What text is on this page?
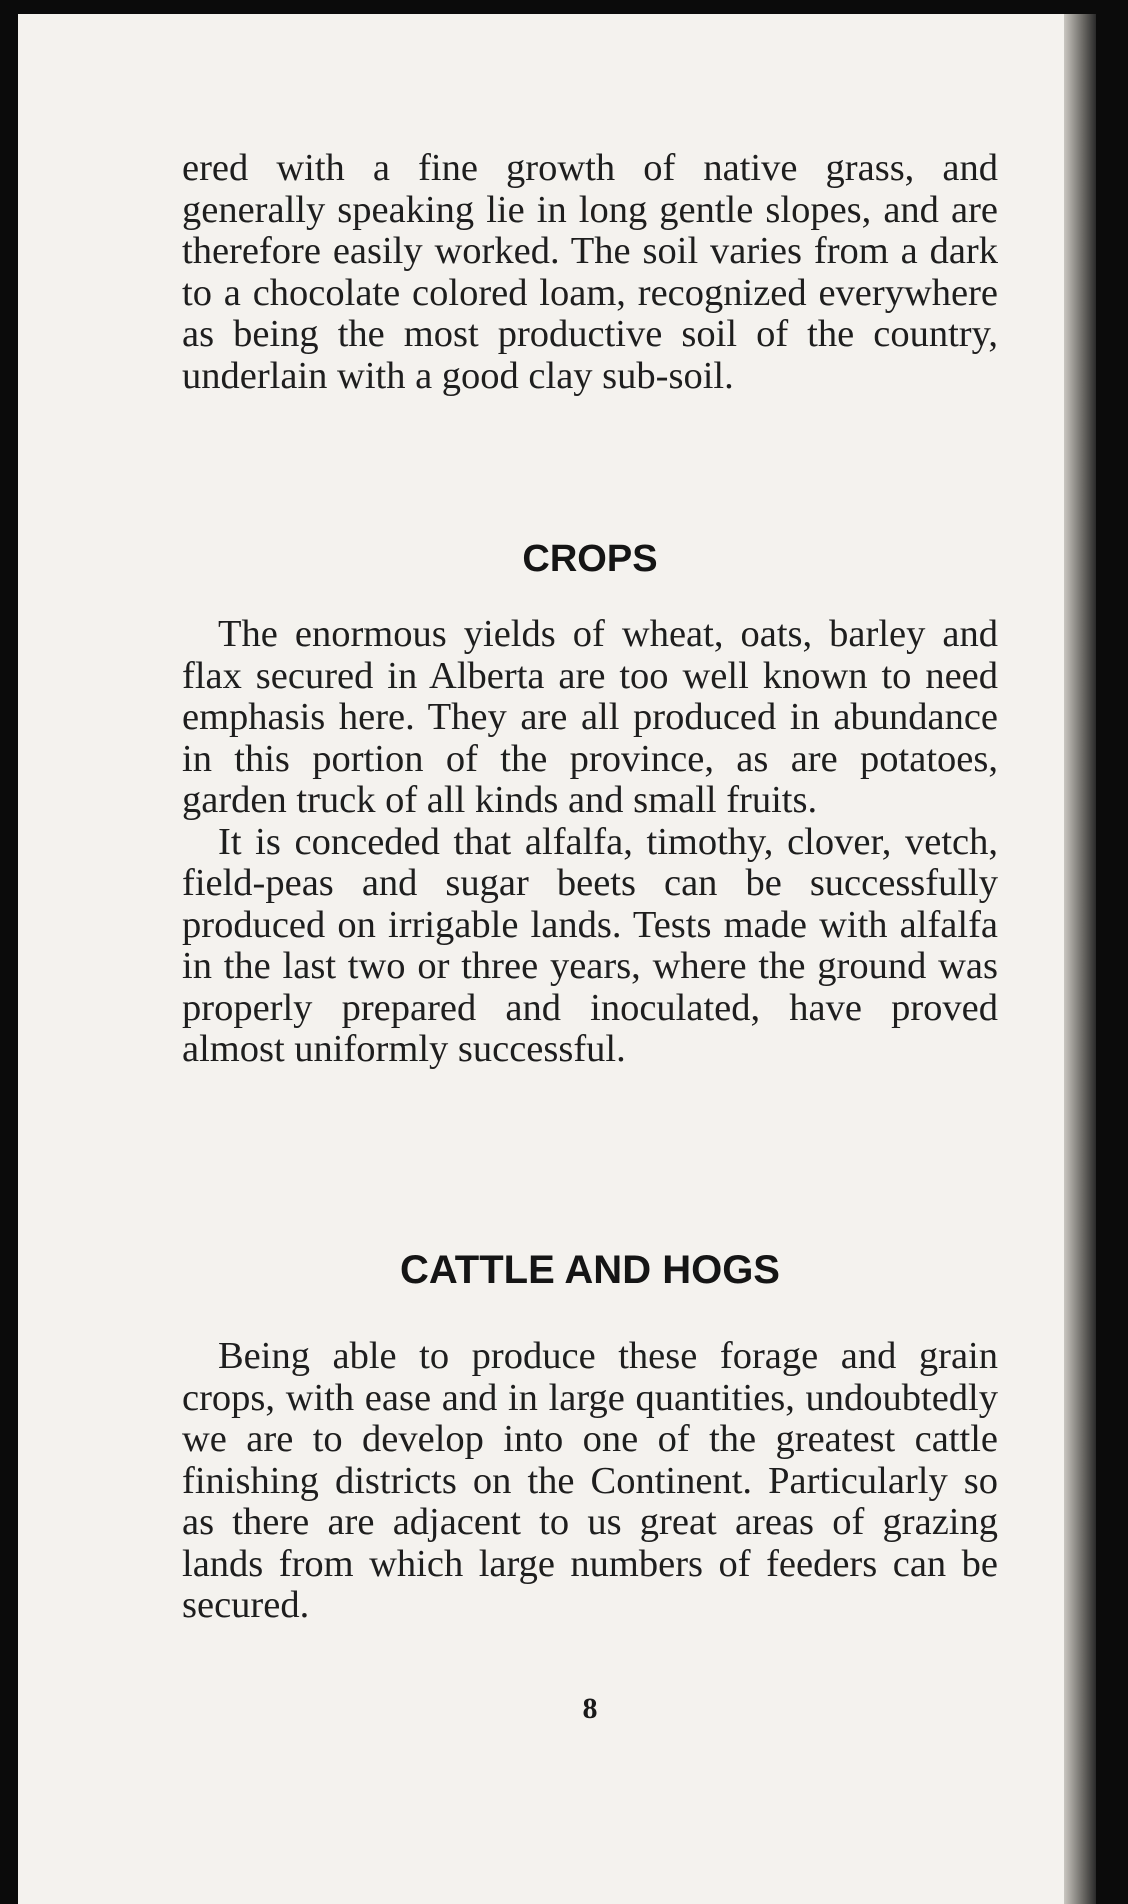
ered with a fine growth of native grass, and generally speaking lie in long gentle slopes, and are therefore easily worked. The soil varies from a dark to a chocolate colored loam, recognized everywhere as being the most productive soil of the country, underlain with a good clay sub-soil.

CROPS

The enormous yields of wheat, oats, barley and flax secured in Alberta are too well known to need emphasis here. They are all produced in abundance in this portion of the province, as are potatoes, garden truck of all kinds and small fruits.

It is conceded that alfalfa, timothy, clover, vetch, field-peas and sugar beets can be successfully produced on irrigable lands. Tests made with alfalfa in the last two or three years, where the ground was properly prepared and inoculated, have proved almost uniformly successful.

CATTLE AND HOGS

Being able to produce these forage and grain crops, with ease and in large quantities, undoubtedly we are to develop into one of the greatest cattle finishing districts on the Continent. Particularly so as there are adjacent to us great areas of grazing lands from which large numbers of feeders can be secured.

8
